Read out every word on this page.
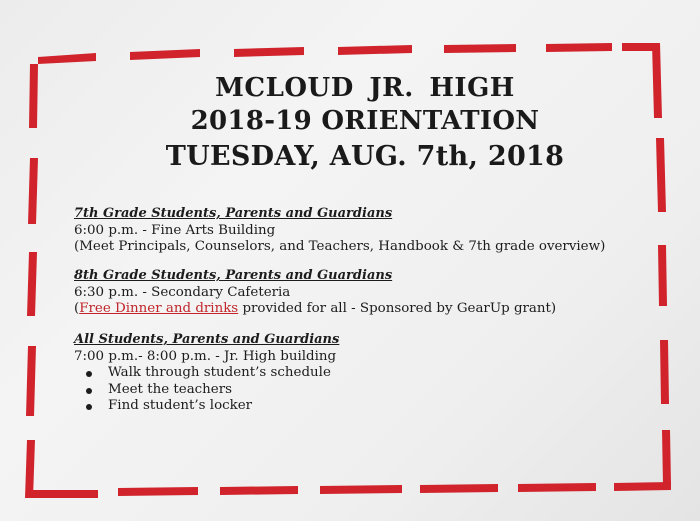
MCLOUD JR. HIGH
2018-19 ORIENTATION
TUESDAY, AUG. 7th, 2018
7th Grade Students, Parents and Guardians
6:00 p.m. - Fine Arts Building
(Meet Principals, Counselors, and Teachers, Handbook & 7th grade overview)
8th Grade Students, Parents and Guardians
6:30 p.m. - Secondary Cafeteria
(Free Dinner and drinks provided for all - Sponsored by GearUp grant)
All Students, Parents and Guardians
7:00 p.m.- 8:00 p.m. - Jr. High building
Walk through student’s schedule
Meet the teachers
Find student’s locker
